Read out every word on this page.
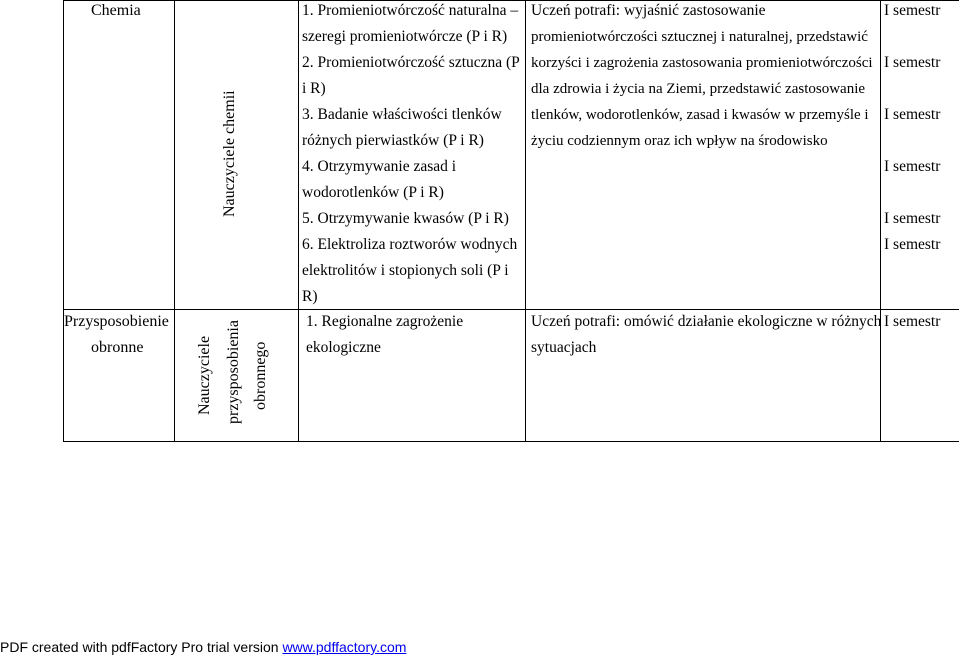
Chemia
Nauczyciele chemii
1. Promieniotwórczość naturalna –
szeregi promieniotwórcze (P i R)
2. Promieniotwórczość sztuczna (P
i R)
3. Badanie właściwości tlenków
różnych pierwiastków (P i R)
4. Otrzymywanie zasad i
wodorotlenków (P i R)
5. Otrzymywanie kwasów (P i R)
6. Elektroliza roztworów wodnych
elektrolitów i stopionych soli (P i
R)
Uczeń potrafi: wyjaśnić zastosowanie
promieniotwórczości sztucznej i naturalnej, przedstawić
korzyści i zagrożenia zastosowania promieniotwórczości
dla zdrowia i życia na Ziemi, przedstawić zastosowanie
tlenków, wodorotlenków, zasad i kwasów w przemyśle i
życiu codziennym oraz ich wpływ na środowisko
I semestr
I semestr
I semestr
I semestr
I semestr
I semestr
Przysposobienie
obronne	Nauczyciele przysposobienia obronnego
1. Regionalne zagrożenie
ekologiczne
Uczeń potrafi: omówić działanie ekologiczne w różnych
sytuacjach
I semestr
PDF created with pdfFactory Pro trial version www.pdffactory.com
